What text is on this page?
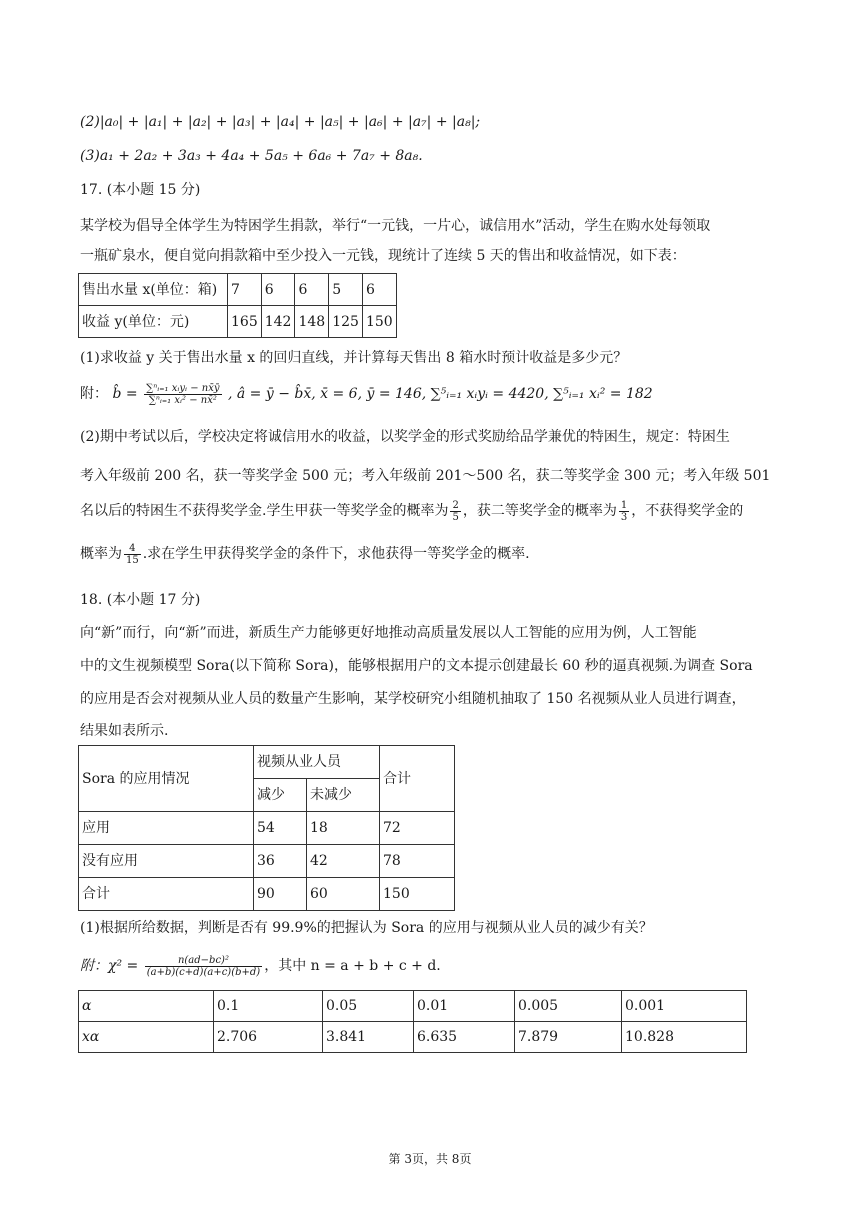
(2)|a₀| + |a₁| + |a₂| + |a₃| + |a₄| + |a₅| + |a₆| + |a₇| + |a₈|;
(3)a₁ + 2a₂ + 3a₃ + 4a₄ + 5a₅ + 6a₆ + 7a₇ + 8a₈.
17. (本小题 15 分)
某学校为倡导全体学生为特困学生捐款，举行“一元钱，一片心，诚信用水”活动，学生在购水处每领取
一瓶矿泉水，便自觉向捐款箱中至少投入一元钱，现统计了连续 5 天的售出和收益情况，如下表：
售出水量 x(单位：箱)	7	6	6	5	6
收益 y(单位：元)	165	142	148	125	150
(1)求收益 y 关于售出水量 x 的回归直线，并计算每天售出 8 箱水时预计收益是多少元？
附： b̂ = $\frac{\text{∑ⁿᵢ₌₁ xᵢyᵢ − nx̄ȳ}}{\text{∑ⁿᵢ₌₁ xᵢ² − nx̄²}}$ , â = ȳ − b̂x̄, x̄ = 6, ȳ = 146, ∑⁵ᵢ₌₁ xᵢyᵢ = 4420, ∑⁵ᵢ₌₁ xᵢ² = 182
(2)期中考试以后，学校决定将诚信用水的收益，以奖学金的形式奖励给品学兼优的特困生，规定：特困生
考入年级前 200 名，获一等奖学金 500 元；考入年级前 201～500 名，获二等奖学金 300 元；考入年级 501
名以后的特困生不获得奖学金.学生甲获一等奖学金的概率为 $\frac{2}{5}$ ，获二等奖学金的概率为 $\frac{1}{3}$ ，不获得奖学金的
概率为 $\frac{4}{15}$ .求在学生甲获得奖学金的条件下，求他获得一等奖学金的概率.
18. (本小题 17 分)
向“新”而行，向“新”而进，新质生产力能够更好地推动高质量发展以人工智能的应用为例，人工智能
中的文生视频模型 Sora(以下简称 Sora)，能够根据用户的文本提示创建最长 60 秒的逼真视频.为调查 Sora
的应用是否会对视频从业人员的数量产生影响，某学校研究小组随机抽取了 150 名视频从业人员进行调查，
结果如表所示.
Sora 的应用情况	视频从业人员		合计
	减少	未减少	
应用	54	18	72
没有应用	36	42	78
合计	90	60	150
(1)根据所给数据，判断是否有 99.9%的把握认为 Sora 的应用与视频从业人员的减少有关？
附：$\chi^2 = \frac{\text{n(ad−bc)²}}{(a+b)(c+d)(a+c)(b+d)}$ ，其中 n = a + b + c + d.
α	0.1	0.05	0.01	0.005	0.001
xα	2.706	3.841	6.635	7.879	10.828
第 3页，共 8页
